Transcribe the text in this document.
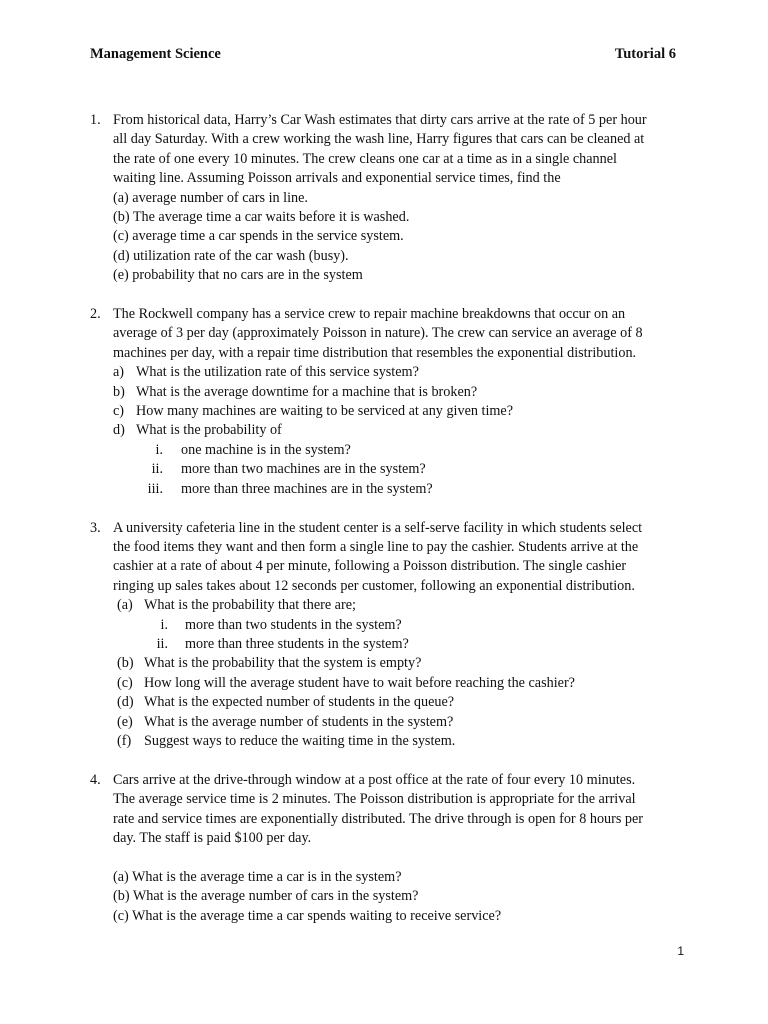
Management Science	Tutorial 6
1. From historical data, Harry’s Car Wash estimates that dirty cars arrive at the rate of 5 per hour
all day Saturday. With a crew working the wash line, Harry figures that cars can be cleaned at
the rate of one every 10 minutes. The crew cleans one car at a time as in a single channel
waiting line. Assuming Poisson arrivals and exponential service times, find the
(a) average number of cars in line.
(b) The average time a car waits before it is washed.
(c) average time a car spends in the service system.
(d) utilization rate of the car wash (busy).
(e) probability that no cars are in the system
2. The Rockwell company has a service crew to repair machine breakdowns that occur on an
average of 3 per day (approximately Poisson in nature). The crew can service an average of 8
machines per day, with a repair time distribution that resembles the exponential distribution.
a) What is the utilization rate of this service system?
b) What is the average downtime for a machine that is broken?
c) How many machines are waiting to be serviced at any given time?
d) What is the probability of
i. one machine is in the system?
ii. more than two machines are in the system?
iii. more than three machines are in the system?
3. A university cafeteria line in the student center is a self-serve facility in which students select
the food items they want and then form a single line to pay the cashier. Students arrive at the
cashier at a rate of about 4 per minute, following a Poisson distribution. The single cashier
ringing up sales takes about 12 seconds per customer, following an exponential distribution.
(a) What is the probability that there are;
i. more than two students in the system?
ii. more than three students in the system?
(b) What is the probability that the system is empty?
(c) How long will the average student have to wait before reaching the cashier?
(d) What is the expected number of students in the queue?
(e) What is the average number of students in the system?
(f) Suggest ways to reduce the waiting time in the system.
4. Cars arrive at the drive-through window at a post office at the rate of four every 10 minutes.
The average service time is 2 minutes. The Poisson distribution is appropriate for the arrival
rate and service times are exponentially distributed. The drive through is open for 8 hours per
day. The staff is paid $100 per day.
(a) What is the average time a car is in the system?
(b) What is the average number of cars in the system?
(c) What is the average time a car spends waiting to receive service?
1
